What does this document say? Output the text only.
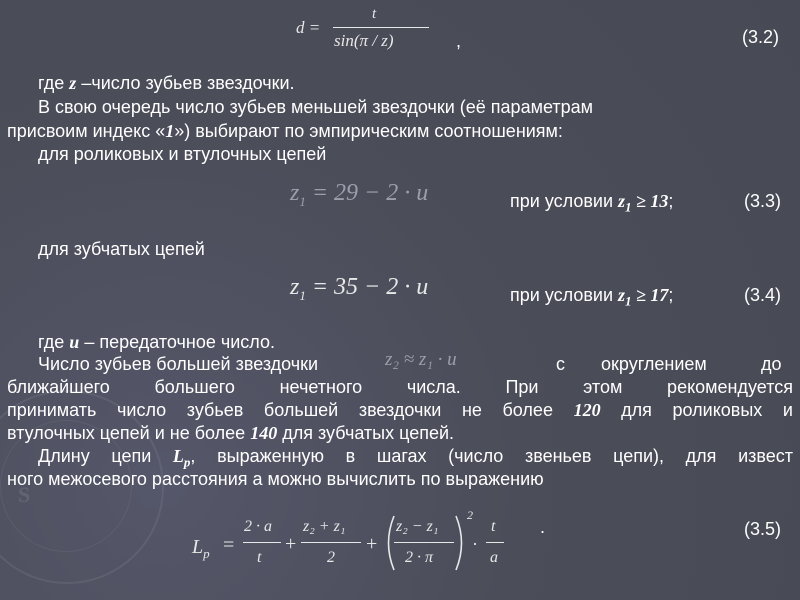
S
d =
t
sin(π / z)	,	(3.2)
где z –число зубьев звездочки.
В свою очередь число зубьев меньшей звездочки (её параметрам
присвоим индекс «1») выбирают по эмпирическим соотношениям:
для роликовых и втулочных цепей
$z_1 = 29 - 2 \cdot u$	при условии $z_1 \ge 13$;	(3.3)
для зубчатых цепей
$z_1 = 35 - 2 \cdot u$	при условии $z_1 \ge 17$;	(3.4)
где u – передаточное число.
Число зубьев большей звездочки	z₂ ≈ z₁ · u	с округлением	до
ближайшего большего нечетного числа. При этом рекомендуется
принимать число зубьев большей звездочки не более 120 для роликовых и
втулочных цепей и не более 140 для зубчатых цепей.
Длину цепи $L_p$, выраженную в шагах (число звеньев цепи), для извест
ного межосевого расстояния а можно вычислить по выражению
$L_p$ =
2 · a
t
+
z₂ + z₁
2
+
z₂ − z₁
2 · π
2
·
t
a
.	(3.5)
